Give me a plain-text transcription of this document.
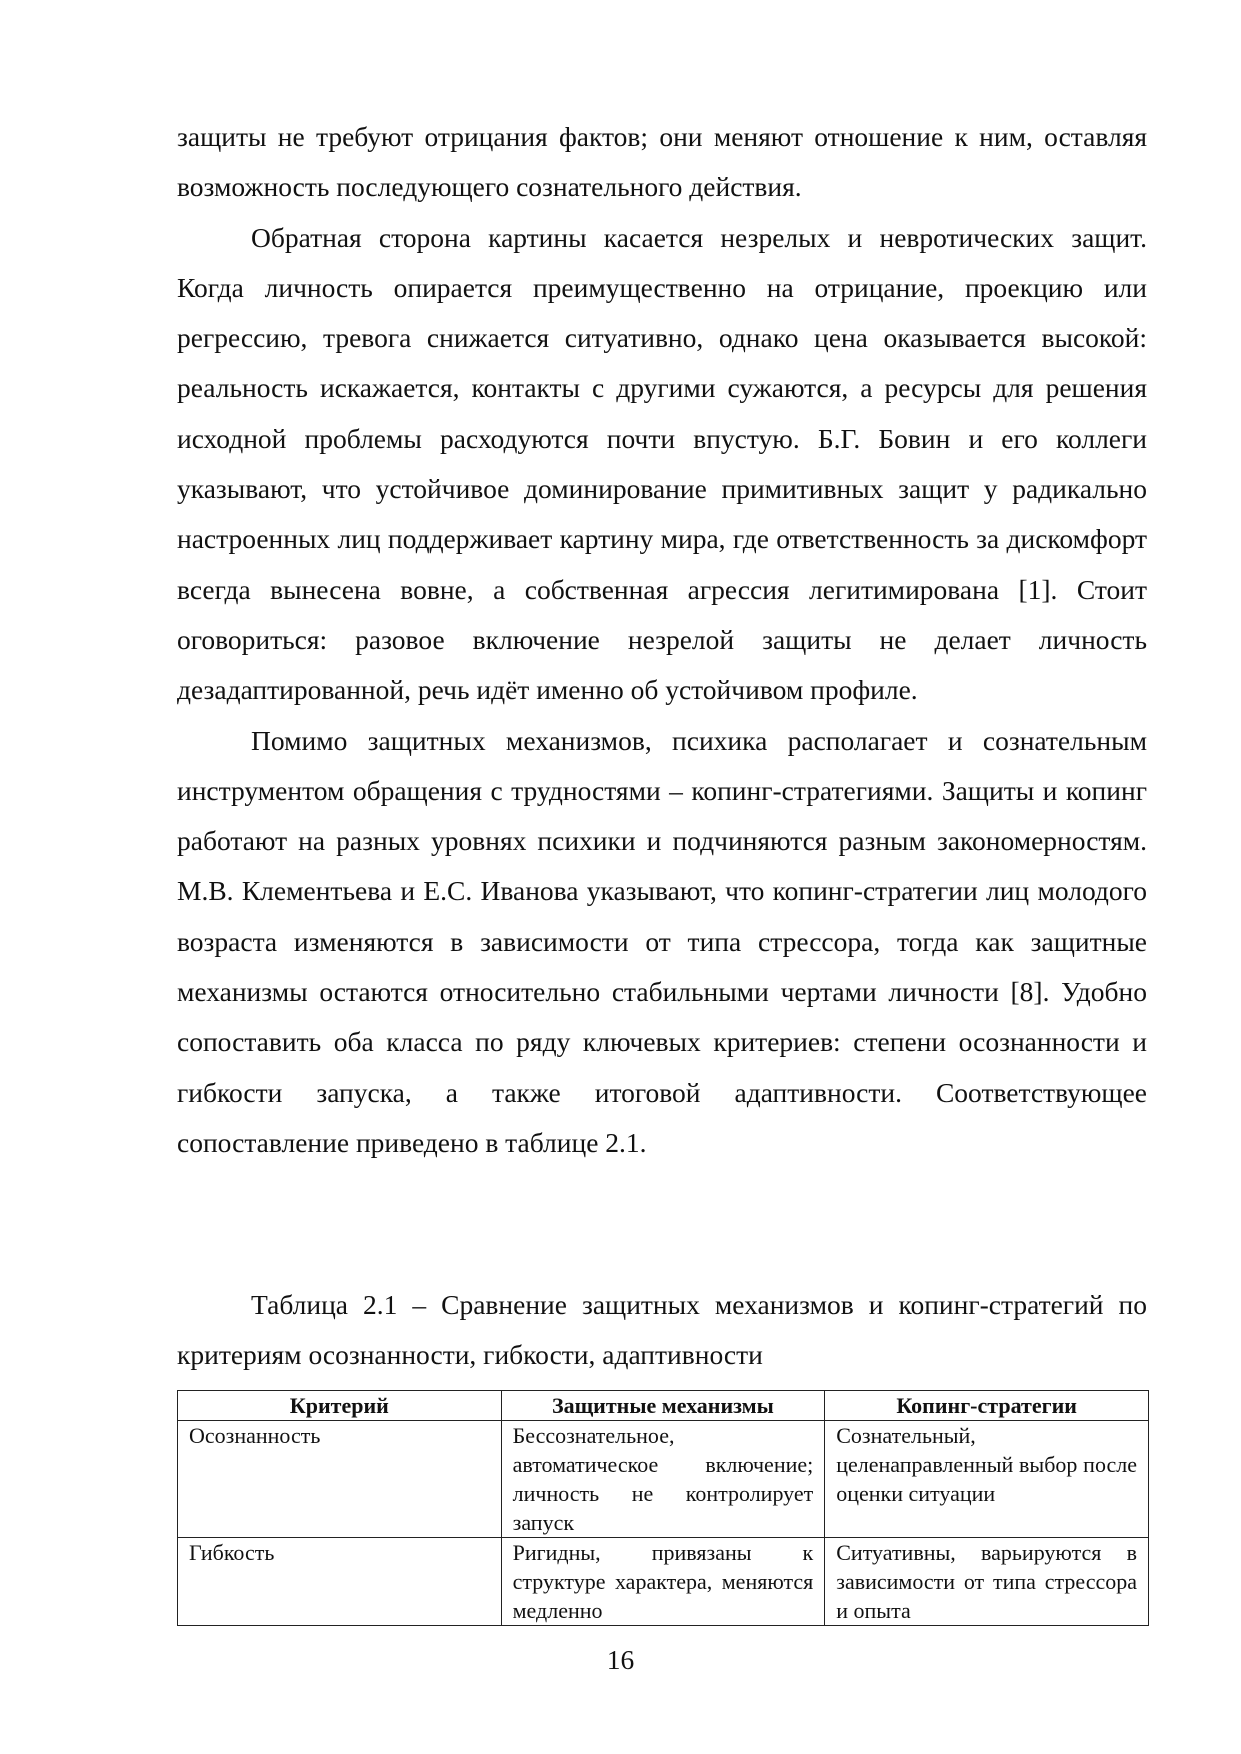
защиты не требуют отрицания фактов; они меняют отношение к ним, оставляя возможность последующего сознательного действия.

Обратная сторона картины касается незрелых и невротических защит. Когда личность опирается преимущественно на отрицание, проекцию или регрессию, тревога снижается ситуативно, однако цена оказывается высокой: реальность искажается, контакты с другими сужаются, а ресурсы для решения исходной проблемы расходуются почти впустую. Б.Г. Бовин и его коллеги указывают, что устойчивое доминирование примитивных защит у радикально настроенных лиц поддерживает картину мира, где ответственность за дискомфорт всегда вынесена вовне, а собственная агрессия легитимирована [1]. Стоит оговориться: разовое включение незрелой защиты не делает личность дезадаптированной, речь идёт именно об устойчивом профиле.

Помимо защитных механизмов, психика располагает и сознательным инструментом обращения с трудностями – копинг-стратегиями. Защиты и копинг работают на разных уровнях психики и подчиняются разным закономерностям. М.В. Клементьева и Е.С. Иванова указывают, что копинг-стратегии лиц молодого возраста изменяются в зависимости от типа стрессора, тогда как защитные механизмы остаются относительно стабильными чертами личности [8]. Удобно сопоставить оба класса по ряду ключевых критериев: степени осознанности и гибкости запуска, а также итоговой адаптивности. Соответствующее сопоставление приведено в таблице 2.1.

Таблица 2.1 – Сравнение защитных механизмов и копинг-стратегий по критериям осознанности, гибкости, адаптивности

Критерий	Защитные механизмы	Копинг-стратегии
Осознанность	Бессознательное, автоматическое включение; личность не контролирует запуск	Сознательный, целенаправленный выбор после оценки ситуации
Гибкость	Ригидны, привязаны к структуре характера, меняются медленно	Ситуативны, варьируются в зависимости от типа стрессора и опыта
16
